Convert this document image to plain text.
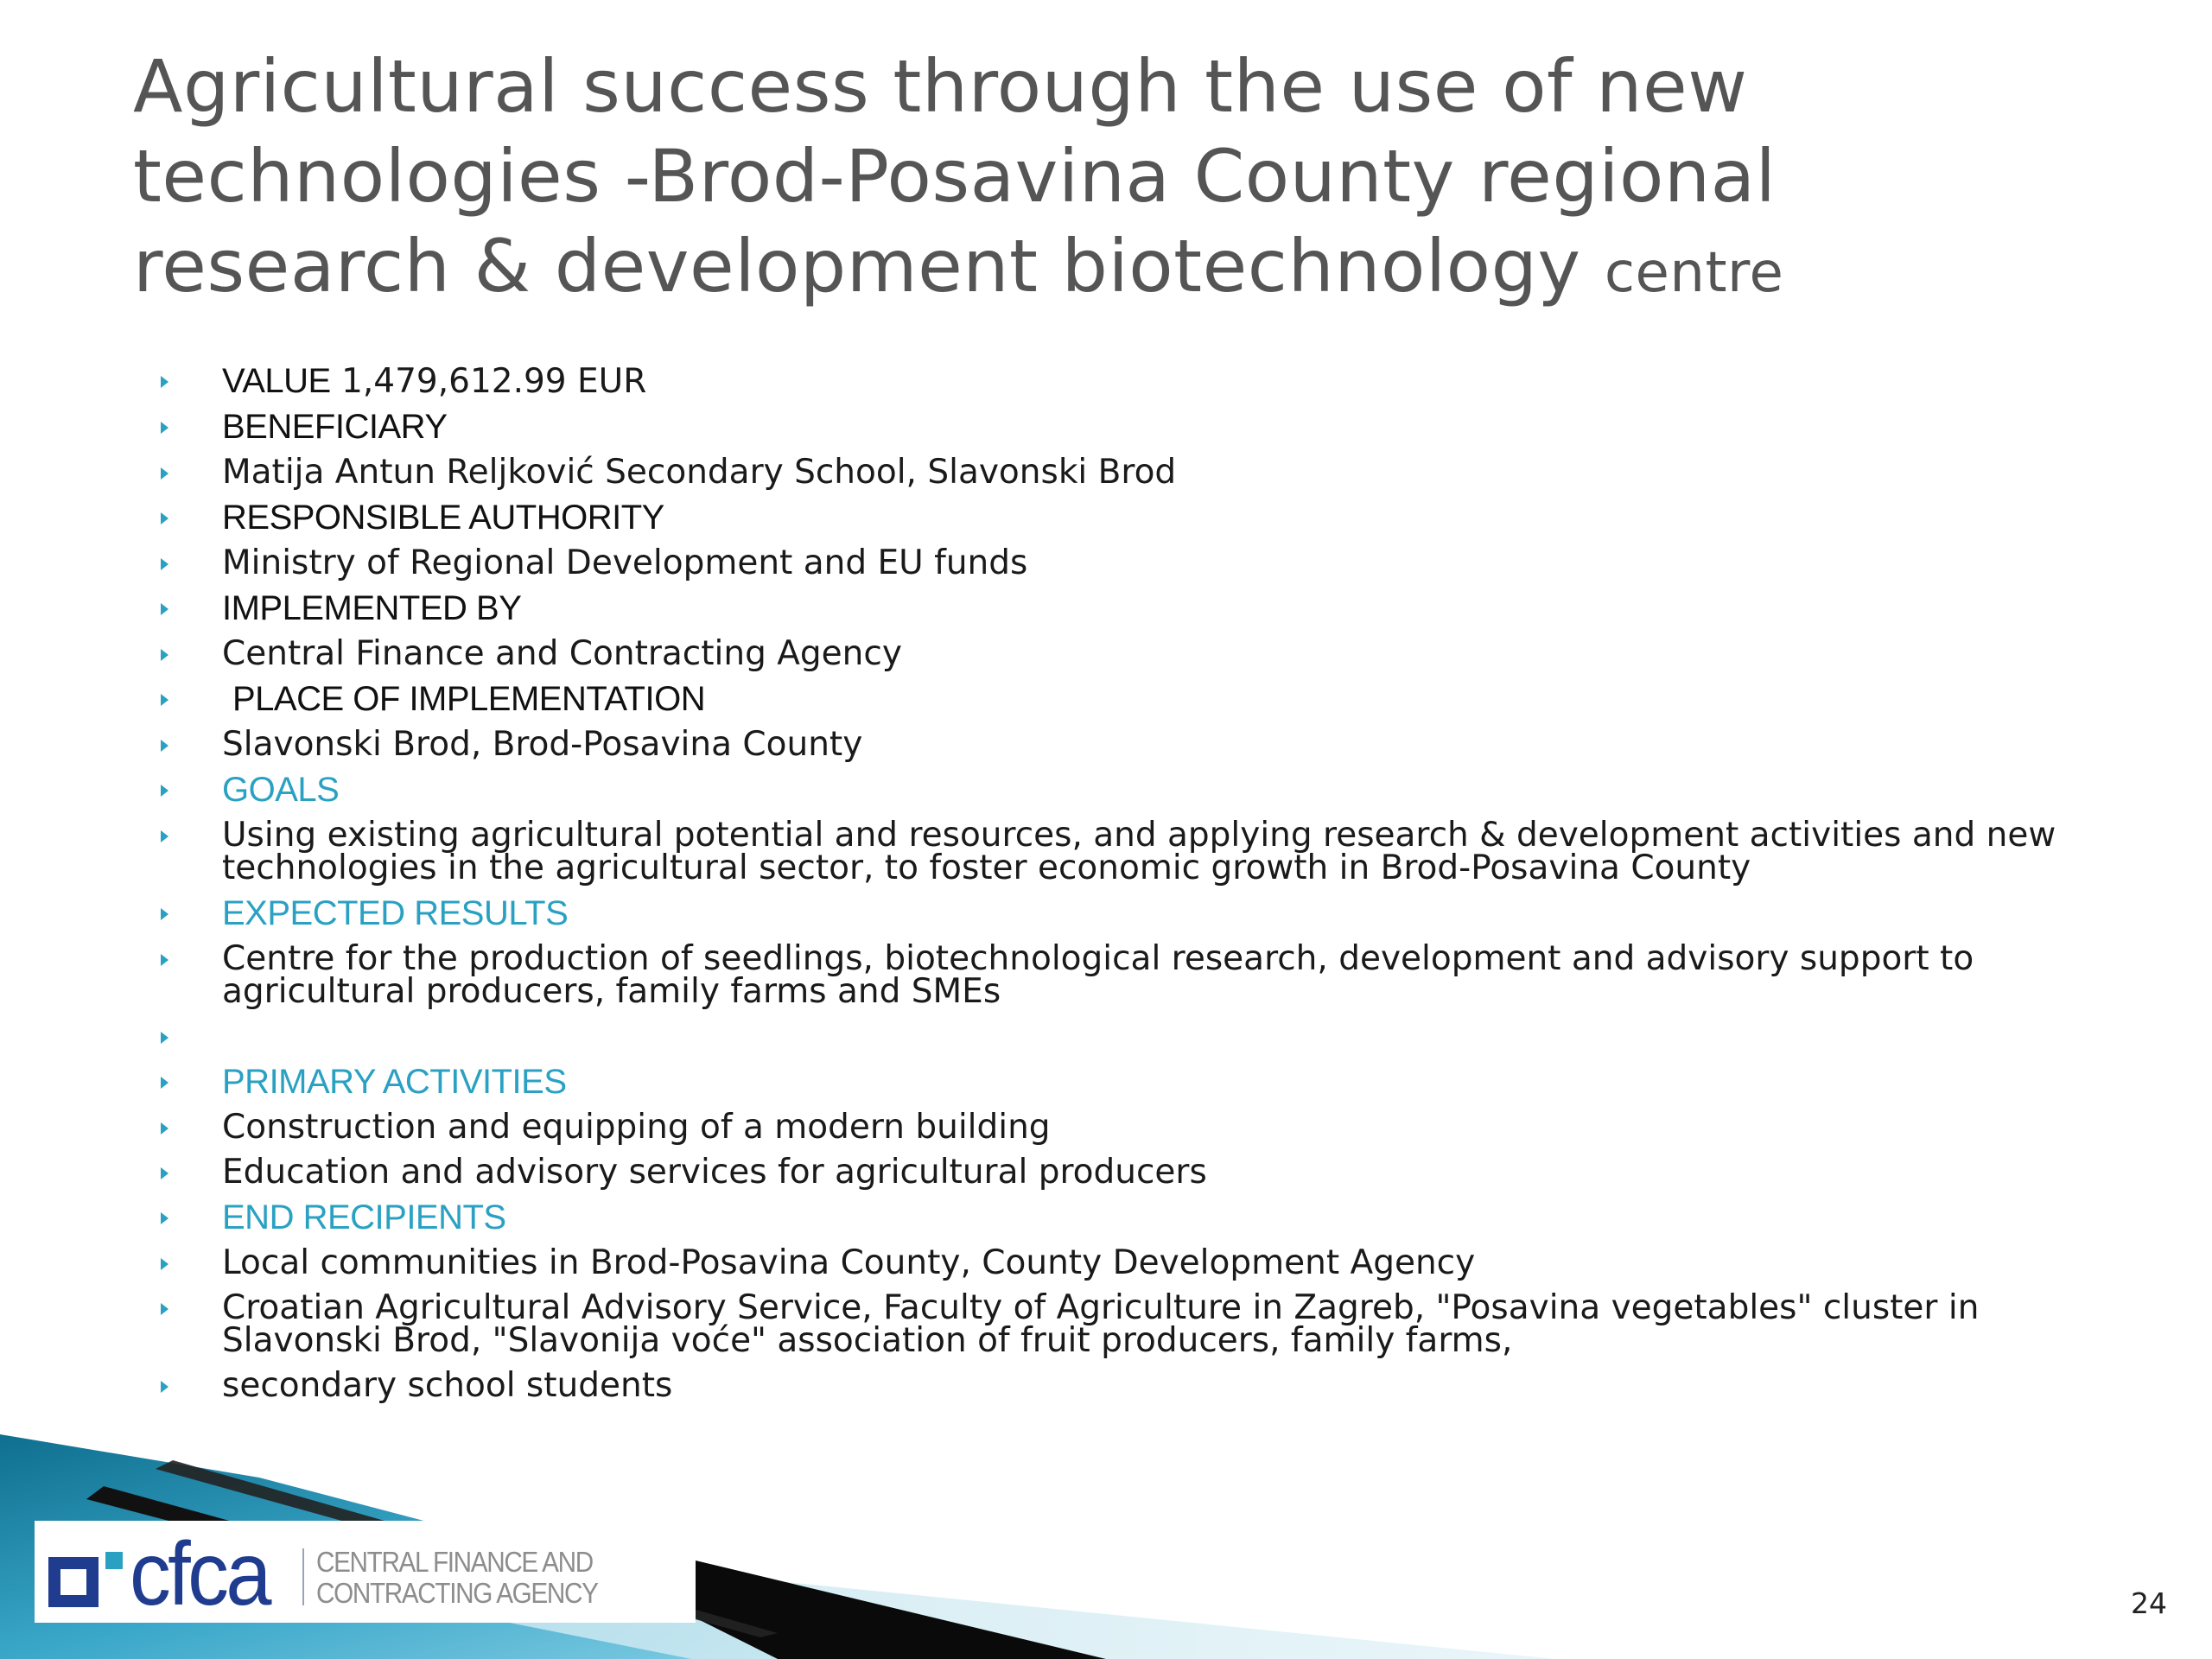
Agricultural success through the use of new technologies -Brod-Posavina County regional research & development biotechnology centre
VALUE 1,479,612.99 EUR
BENEFICIARY
Matija Antun Reljković Secondary School, Slavonski Brod
RESPONSIBLE AUTHORITY
Ministry of Regional Development and EU funds
IMPLEMENTED BY
Central Finance and Contracting Agency
PLACE OF IMPLEMENTATION
Slavonski Brod, Brod-Posavina County
GOALS
Using existing agricultural potential and resources, and applying research & development activities and new technologies in the agricultural sector, to foster economic growth in Brod-Posavina County
EXPECTED RESULTS
Centre for the production of seedlings, biotechnological research, development and advisory support to agricultural producers, family farms and SMEs
PRIMARY ACTIVITIES
Construction and equipping of a modern building
Education and advisory services for agricultural producers
END RECIPIENTS
Local communities in Brod-Posavina County, County Development Agency
Croatian Agricultural Advisory Service, Faculty of Agriculture in Zagreb, "Posavina vegetables" cluster in Slavonski Brod, "Slavonija voće" association of fruit producers, family farms,
secondary school students
cfca CENTRAL FINANCE AND
CONTRACTING AGENCY	24
